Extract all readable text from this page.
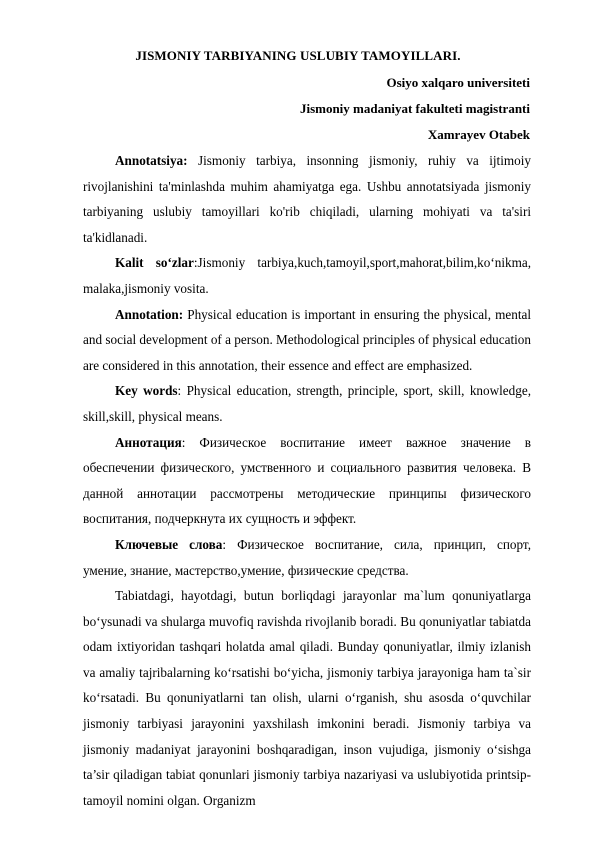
JISMONIY TARBIYANING USLUBIY TAMOYILLARI.
Osiyo xalqaro universiteti
Jismoniy madaniyat fakulteti magistranti
Xamrayev Otabek

Annotatsiya: Jismoniy tarbiya, insonning jismoniy, ruhiy va ijtimoiy rivojlanishini ta'minlashda muhim ahamiyatga ega. Ushbu annotatsiyada jismoniy tarbiyaning uslubiy tamoyillari ko'rib chiqiladi, ularning mohiyati va ta'siri ta'kidlanadi.

Kalit so‘zlar:Jismoniy tarbiya,kuch,tamoyil,sport,mahorat,bilim,ko‘nikma, malaka,jismoniy vosita.

Annotation: Physical education is important in ensuring the physical, mental and social development of a person. Methodological principles of physical education are considered in this annotation, their essence and effect are emphasized.

Key words: Physical education, strength, principle, sport, skill, knowledge, skill,skill, physical means.

Аннотация: Физическое воспитание имеет важное значение в обеспечении физического, умственного и социального развития человека. В данной аннотации рассмотрены методические принципы физического воспитания, подчеркнута их сущность и эффект.

Ключевые слова: Физическое воспитание, сила, принцип, спорт, умение, знание, мастерство,умение, физические средства.

Tabiatdagi, hayotdagi, butun borliqdagi jarayonlar ma`lum qonuniyatlarga bo‘ysunadi va shularga muvofiq ravishda rivojlanib boradi. Bu qonuniyatlar tabiatda odam ixtiyoridan tashqari holatda amal qiladi. Bunday qonuniyatlar, ilmiy izlanish va amaliy tajribalarning ko‘rsatishi bo‘yicha, jismoniy tarbiya jarayoniga ham ta`sir ko‘rsatadi. Bu qonuniyatlarni tan olish, ularni o‘rganish, shu asosda o‘quvchilar jismoniy tarbiyasi jarayonini yaxshilash imkonini beradi. Jismoniy tarbiya va jismoniy madaniyat jarayonini boshqaradigan, inson vujudiga, jismoniy o‘sishga ta’sir qiladigan tabiat qonunlari jismoniy tarbiya nazariyasi va uslubiyotida printsip-tamoyil nomini olgan. Organizm
